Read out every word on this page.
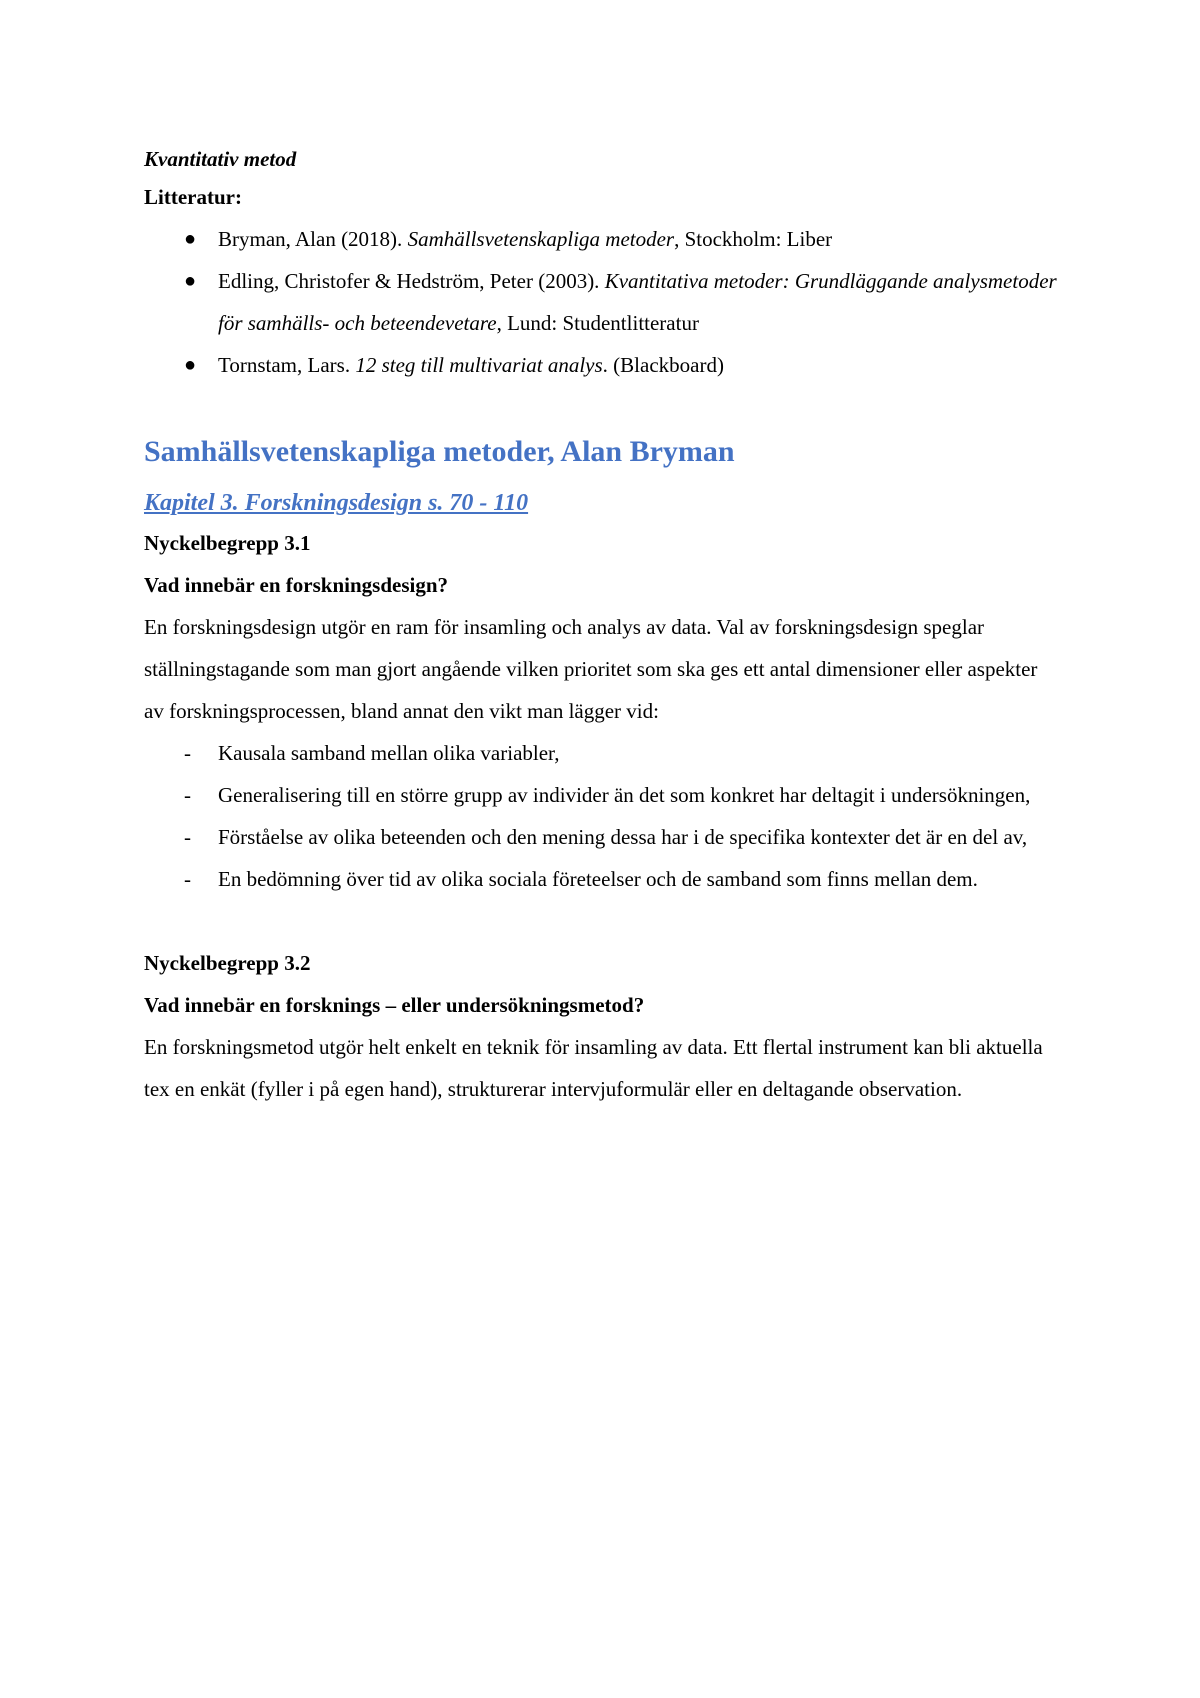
Kvantitativ metod

Litteratur:

● Bryman, Alan (2018). Samhällsvetenskapliga metoder, Stockholm: Liber
● Edling, Christofer & Hedström, Peter (2003). Kvantitativa metoder: Grundläggande analysmetoder för samhälls- och beteendevetare, Lund: Studentlitteratur
● Tornstam, Lars. 12 steg till multivariat analys. (Blackboard)

Samhällsvetenskapliga metoder, Alan Bryman

Kapitel 3. Forskningsdesign s. 70 - 110

Nyckelbegrepp 3.1

Vad innebär en forskningsdesign?

En forskningsdesign utgör en ram för insamling och analys av data. Val av forskningsdesign speglar ställningstagande som man gjort angående vilken prioritet som ska ges ett antal dimensioner eller aspekter av forskningsprocessen, bland annat den vikt man lägger vid:

- Kausala samband mellan olika variabler,
- Generalisering till en större grupp av individer än det som konkret har deltagit i undersökningen,
- Förståelse av olika beteenden och den mening dessa har i de specifika kontexter det är en del av,
- En bedömning över tid av olika sociala företeelser och de samband som finns mellan dem.

Nyckelbegrepp 3.2

Vad innebär en forsknings – eller undersökningsmetod?

En forskningsmetod utgör helt enkelt en teknik för insamling av data. Ett flertal instrument kan bli aktuella tex en enkät (fyller i på egen hand), strukturerar intervjuformulär eller en deltagande observation.
